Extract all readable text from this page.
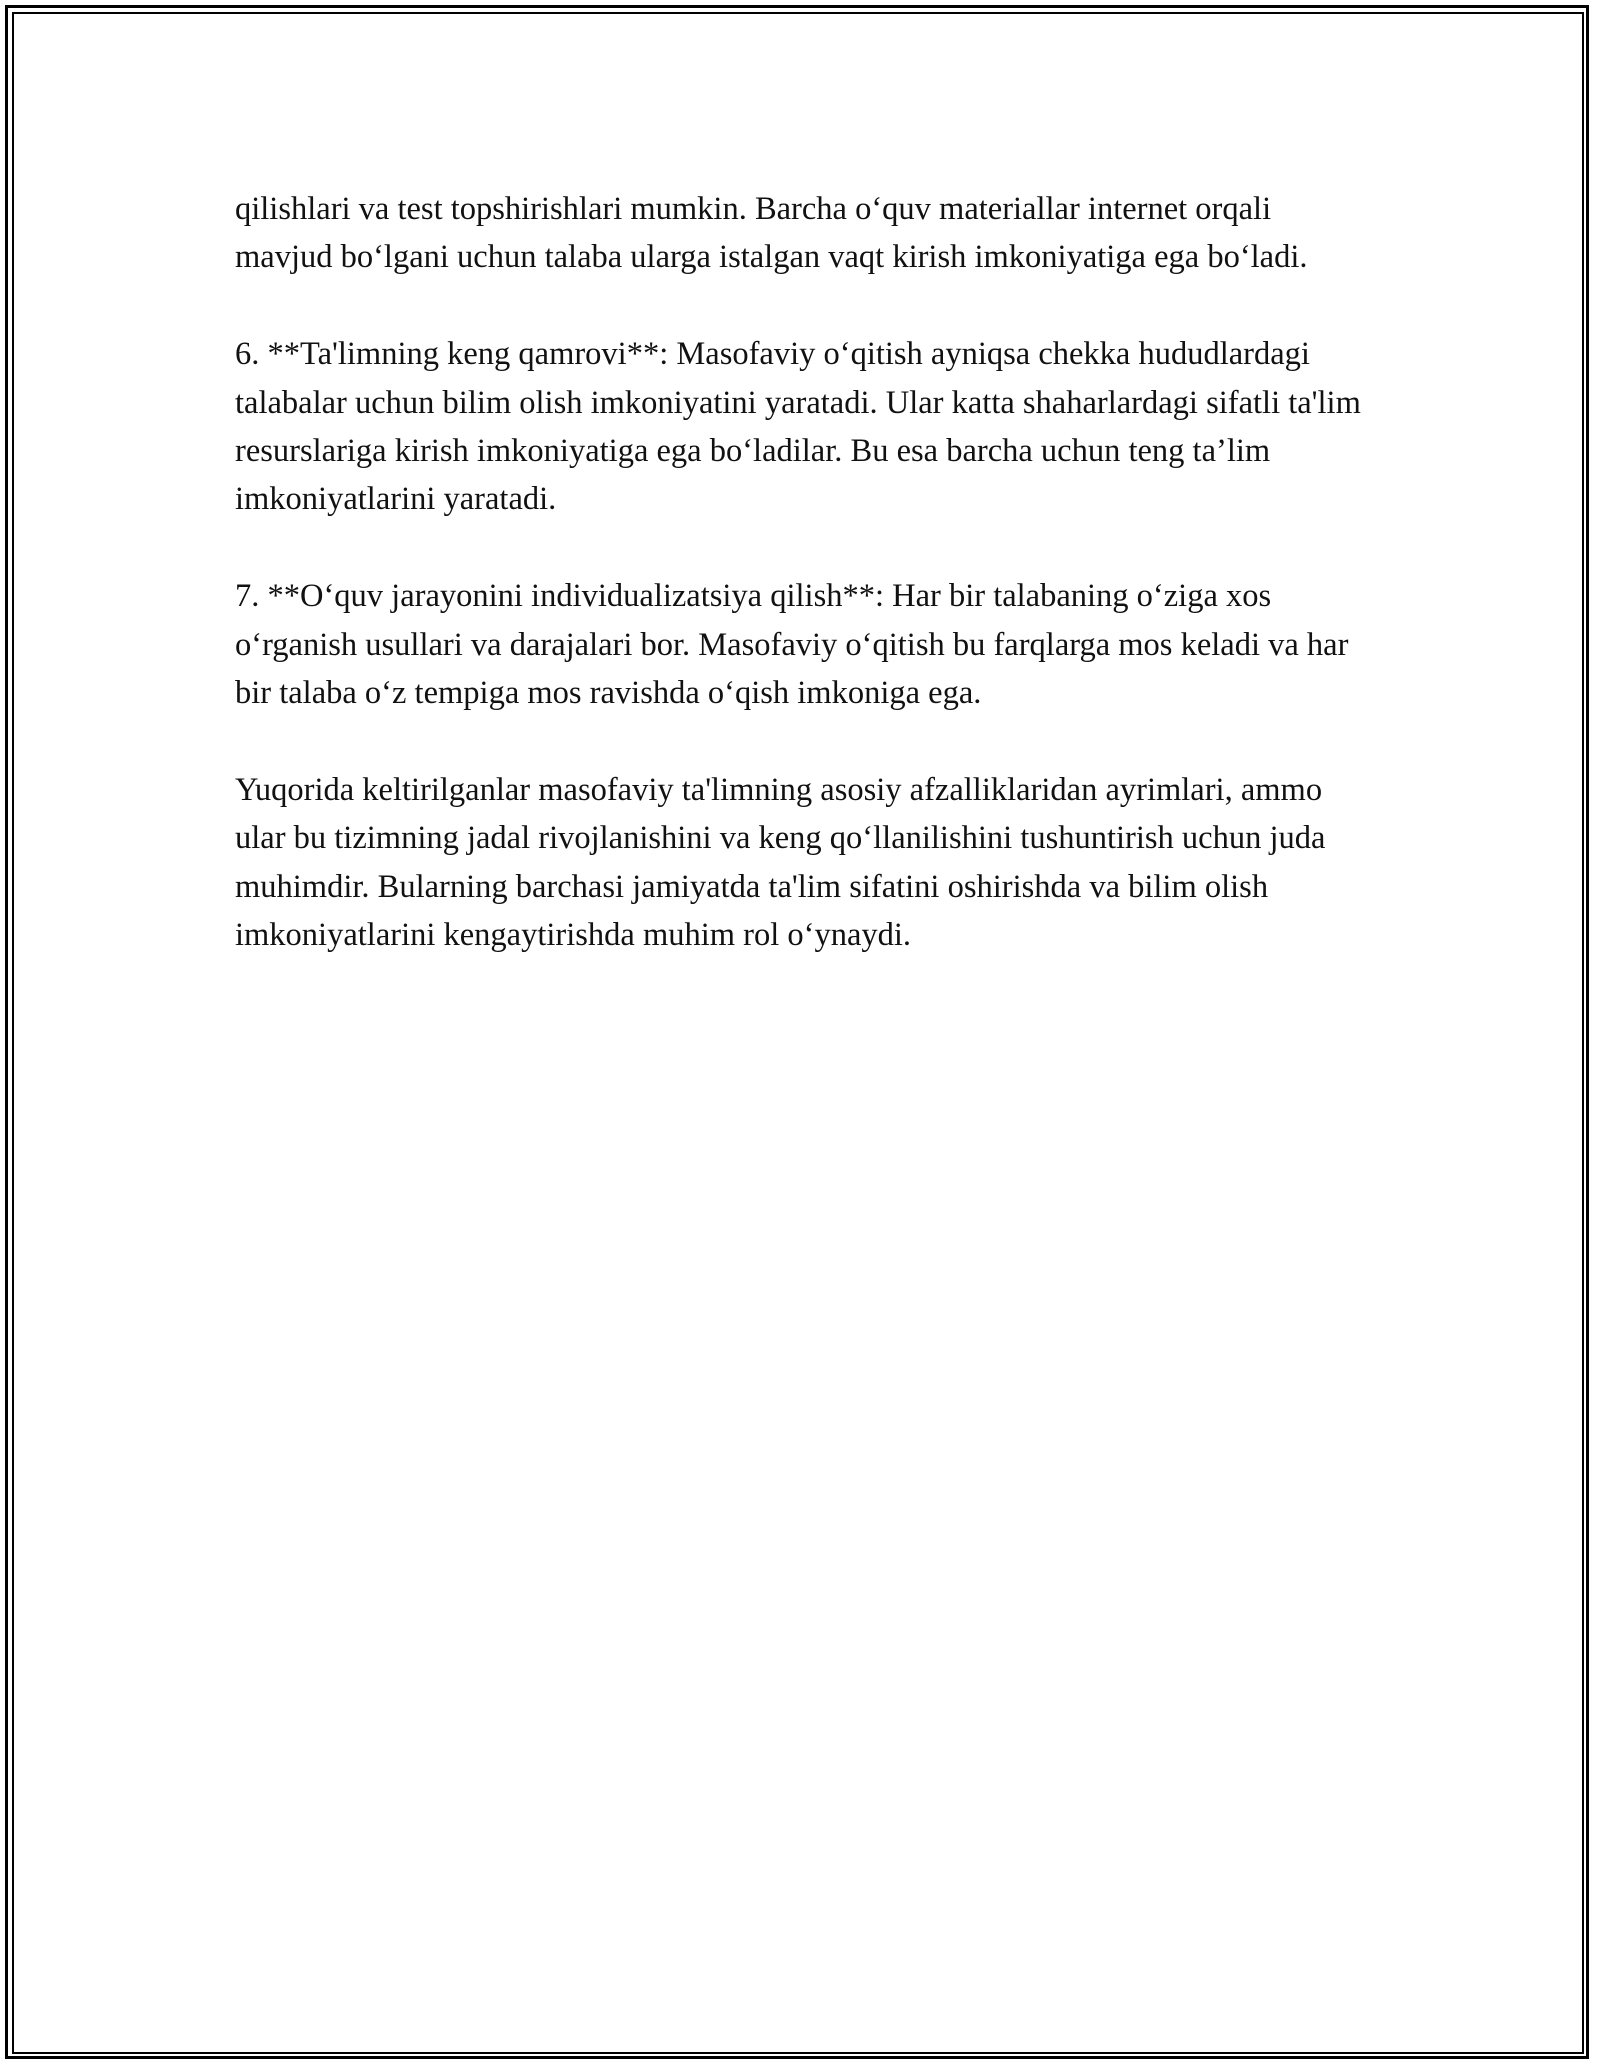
qilishlari va test topshirishlari mumkin. Barcha o‘quv materiallar internet orqali mavjud bo‘lgani uchun talaba ularga istalgan vaqt kirish imkoniyatiga ega bo‘ladi.

6. **Ta'limning keng qamrovi**: Masofaviy o‘qitish ayniqsa chekka hududlardagi talabalar uchun bilim olish imkoniyatini yaratadi. Ular katta shaharlardagi sifatli ta'lim resurslariga kirish imkoniyatiga ega bo‘ladilar. Bu esa barcha uchun teng ta’lim imkoniyatlarini yaratadi.

7. **O‘quv jarayonini individualizatsiya qilish**: Har bir talabaning o‘ziga xos o‘rganish usullari va darajalari bor. Masofaviy o‘qitish bu farqlarga mos keladi va har bir talaba o‘z tempiga mos ravishda o‘qish imkoniga ega.

Yuqorida keltirilganlar masofaviy ta'limning asosiy afzalliklaridan ayrimlari, ammo ular bu tizimning jadal rivojlanishini va keng qo‘llanilishini tushuntirish uchun juda muhimdir. Bularning barchasi jamiyatda ta'lim sifatini oshirishda va bilim olish imkoniyatlarini kengaytirishda muhim rol o‘ynaydi.
